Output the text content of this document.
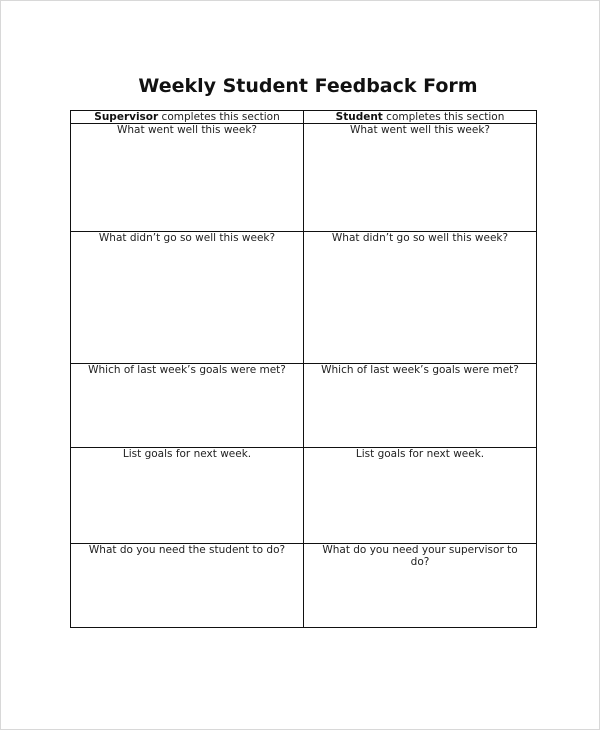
Weekly Student Feedback Form
Supervisor completes this section	Student completes this section
What went well this week?	What went well this week?
What didn’t go so well this week?	What didn’t go so well this week?
Which of last week’s goals were met?	Which of last week’s goals were met?
List goals for next week.	List goals for next week.
What do you need the student to do?	What do you need your supervisor to do?
